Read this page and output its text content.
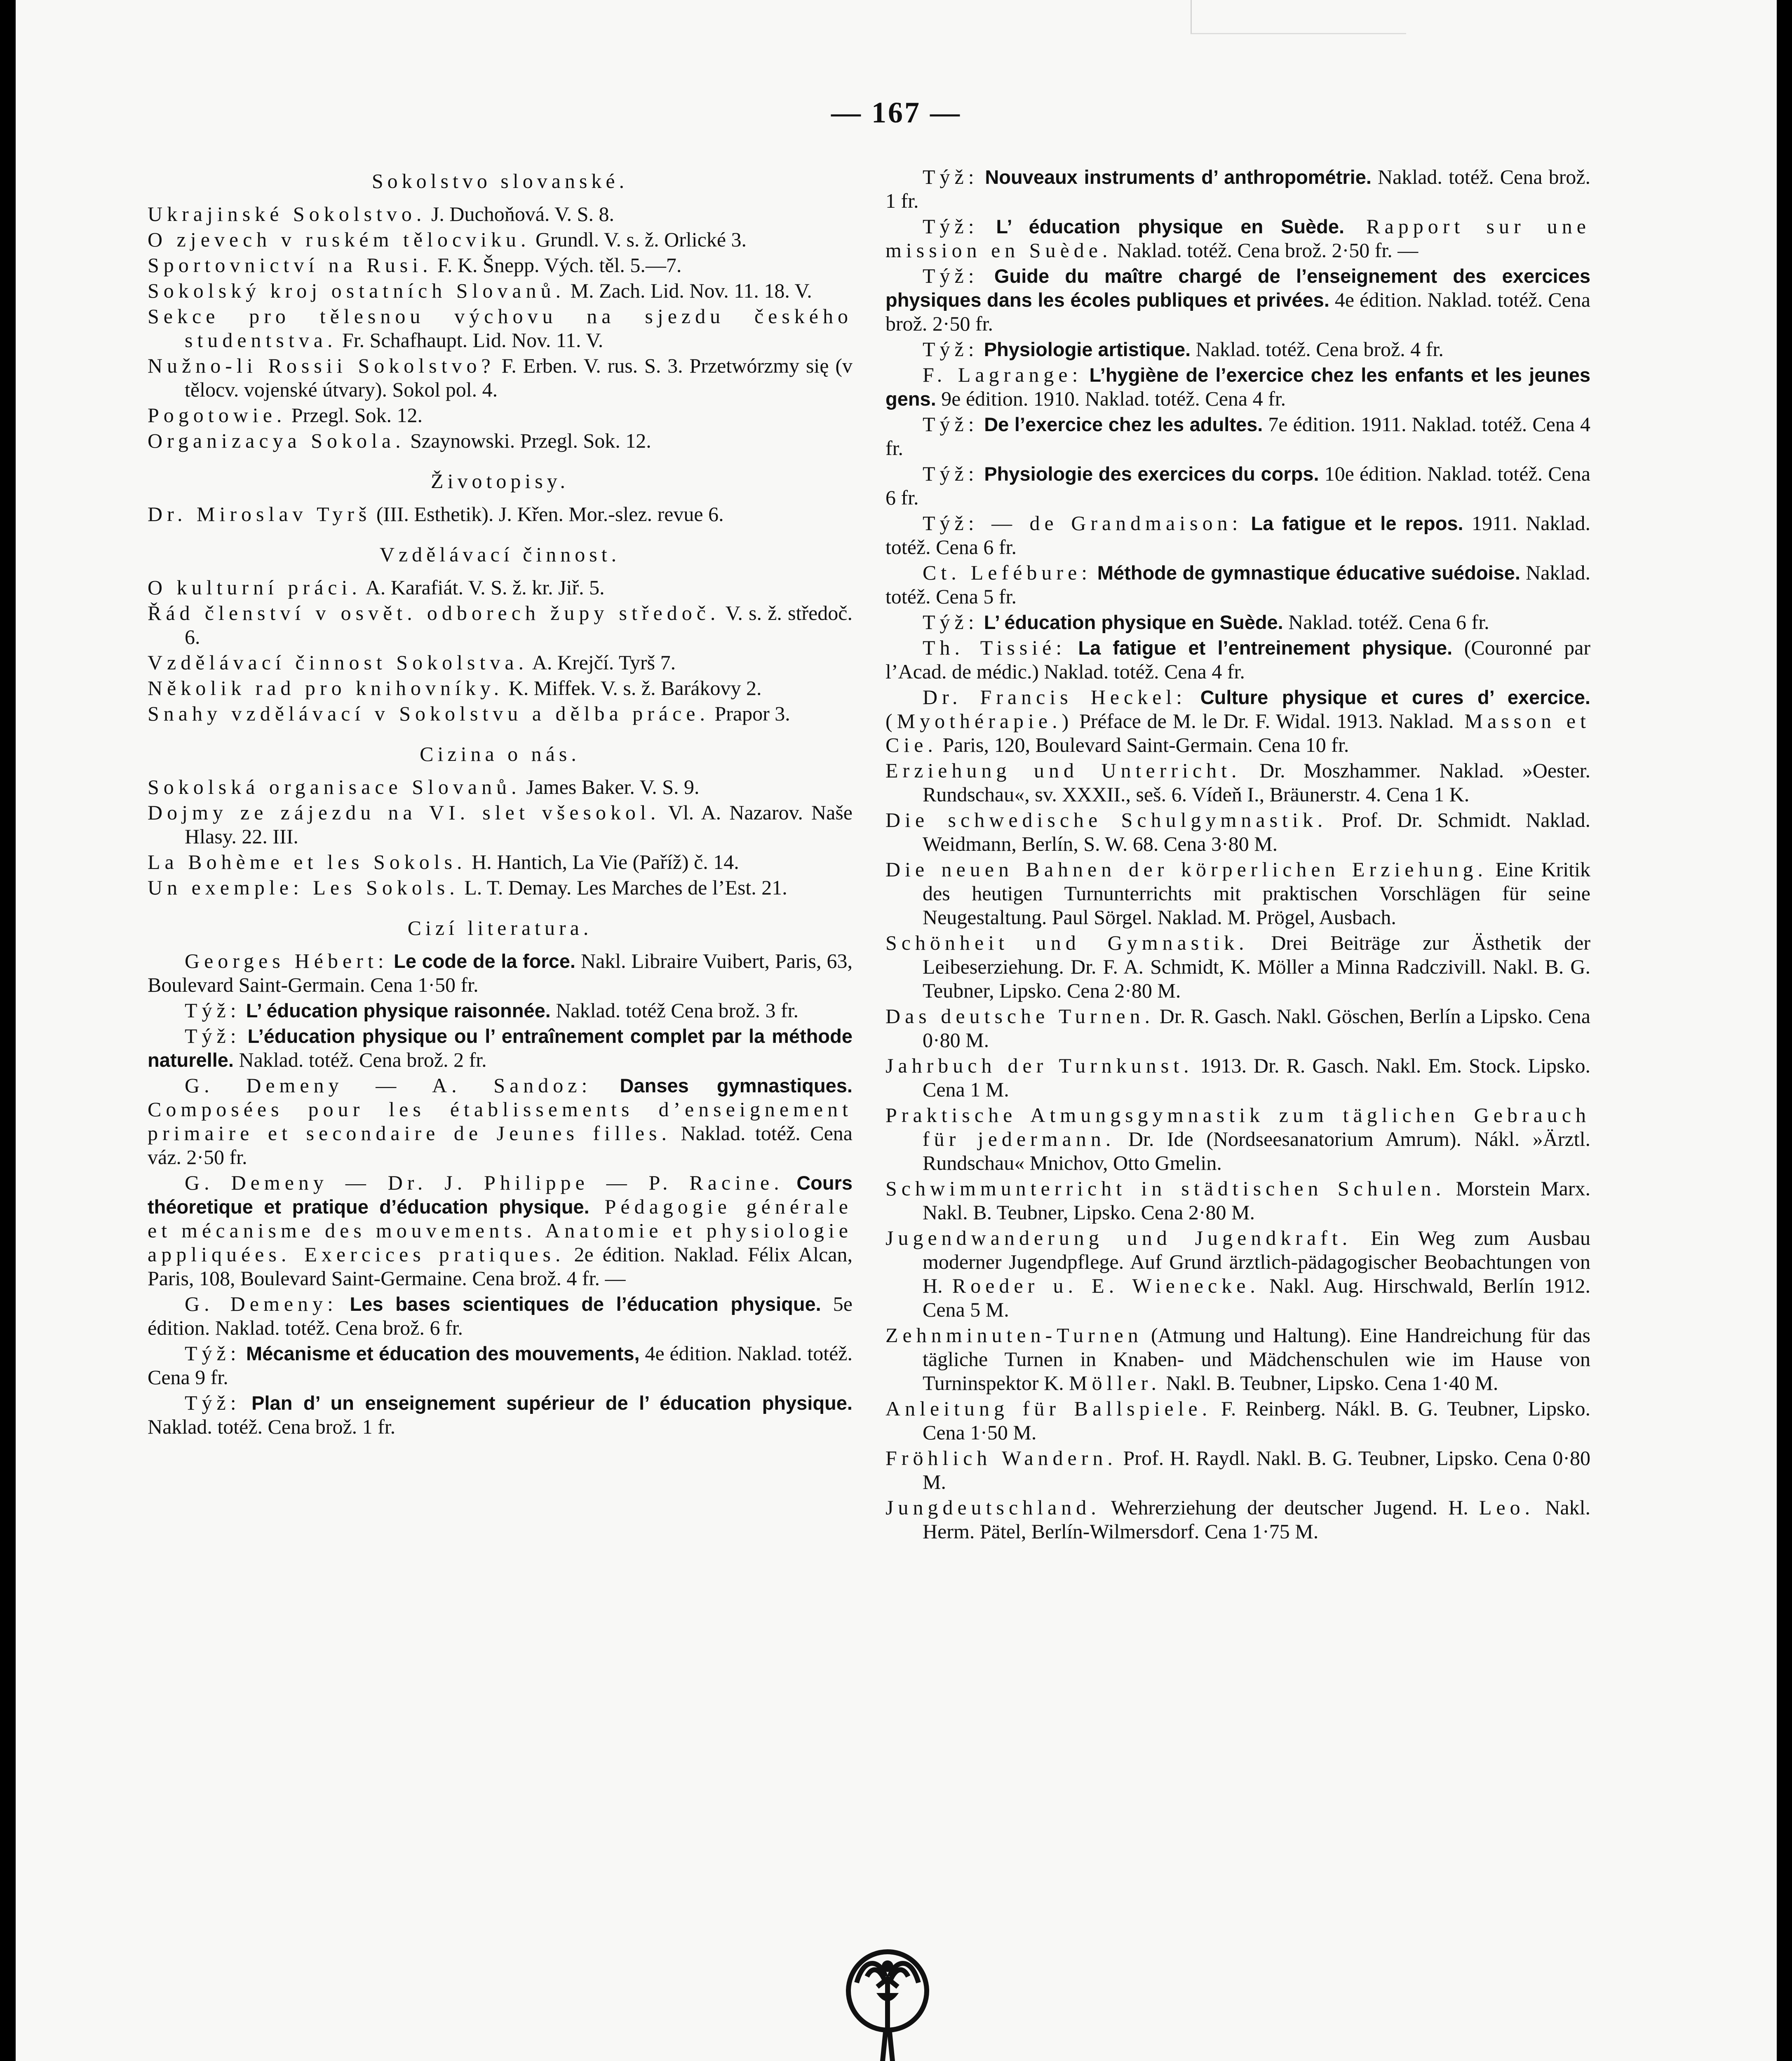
— 167 —
Sokolstvo slovanské.
Ukrajinské Sokolstvo. J. Duchoňová. V. S. 8.
O zjevech v ruském tělocviku. Grundl. V. s. ž. Orlické 3.
Sportovnictví na Rusi. F. K. Šnepp. Vých. těl. 5.—7.
Sokolský kroj ostatních Slovanů. M. Zach. Lid. Nov. 11. 18. V.
Sekce pro tělesnou výchovu na sjezdu českého studentstva. Fr. Schafhaupt. Lid. Nov. 11. V.
Nužno-li Rossii Sokolstvo? F. Erben. V. rus. S. 3. Przetwórzmy się (v tělocv. vojenské útvary). Sokol pol. 4.
Pogotowie. Przegl. Sok. 12.
Organizacya Sokola. Szaynowski. Przegl. Sok. 12.
Životopisy.
Dr. Miroslav Tyrš (III. Esthetik). J. Křen. Mor.-slez. revue 6.
Vzdělávací činnost.
O kulturní práci. A. Karafiát. V. S. ž. kr. Jiř. 5.
Řád členství v osvět. odborech župy středoč. V. s. ž. středoč. 6.
Vzdělávací činnost Sokolstva. A. Krejčí. Tyrš 7.
Několik rad pro knihovníky. K. Miffek. V. s. ž. Barákovy 2.
Snahy vzdělávací v Sokolstvu a dělba práce. Prapor 3.
Cizina o nás.
Sokolská organisace Slovanů. James Baker. V. S. 9.
Dojmy ze zájezdu na VI. slet všesokol. Vl. A. Nazarov. Naše Hlasy. 22. III.
La Bohème et les Sokols. H. Hantich, La Vie (Paříž) č. 14.
Un exemple: Les Sokols. L. T. Demay. Les Marches de l’Est. 21.
Cizí literatura.
Georges Hébert: Le code de la force. Nakl. Libraire Vuibert, Paris, 63, Boulevard Saint-Germain. Cena 1·50 fr.
Týž: L’ éducation physique raisonnée. Naklad. totéž Cena brož. 3 fr.
Týž: L’éducation physique ou l’ entraînement complet par la méthode naturelle. Naklad. totéž. Cena brož. 2 fr.
G. Demeny — A. Sandoz: Danses gymnastiques. Composées pour les établissements d’enseignement primaire et secondaire de Jeunes filles. Naklad. totéž. Cena váz. 2·50 fr.
G. Demeny — Dr. J. Philippe — P. Racine. Cours théoretique et pratique d’éducation physique. Pédagogie générale et mécanisme des mouvements. Anatomie et physiologie appliquées. Exercices pratiques. 2e édition. Naklad. Félix Alcan, Paris, 108, Boulevard Saint-Germaine. Cena brož. 4 fr. —
G. Demeny: Les bases scientiques de l’éducation physique. 5e édition. Naklad. totéž. Cena brož. 6 fr.
Týž: Mécanisme et éducation des mouvements, 4e édition. Naklad. totéž. Cena 9 fr.
Týž: Plan d’ un enseignement supérieur de l’ éducation physique. Naklad. totéž. Cena brož. 1 fr.
Týž: Nouveaux instruments d’ anthropométrie. Naklad. totéž. Cena brož. 1 fr.
Týž: L’ éducation physique en Suède. Rapport sur une mission en Suède. Naklad. totéž. Cena brož. 2·50 fr. —
Týž: Guide du maître chargé de l’enseignement des exercices physiques dans les écoles publiques et privées. 4e édition. Naklad. totéž. Cena brož. 2·50 fr.
Týž: Physiologie artistique. Naklad. totéž. Cena brož. 4 fr.
F. Lagrange: L’hygiène de l’exercice chez les enfants et les jeunes gens. 9e édition. 1910. Naklad. totéž. Cena 4 fr.
Týž: De l’exercice chez les adultes. 7e édition. 1911. Naklad. totéž. Cena 4 fr.
Týž: Physiologie des exercices du corps. 10e édition. Naklad. totéž. Cena 6 fr.
Týž: — de Grandmaison: La fatigue et le repos. 1911. Naklad. totéž. Cena 6 fr.
Ct. Lefébure: Méthode de gymnastique éducative suédoise. Naklad. totéž. Cena 5 fr.
Týž: L’ éducation physique en Suède. Naklad. totéž. Cena 6 fr.
Th. Tissié: La fatigue et l’entreinement physique. (Couronné par l’Acad. de médic.) Naklad. totéž. Cena 4 fr.
Dr. Francis Heckel: Culture physique et cures d’ exercice. (Myothérapie.) Préface de M. le Dr. F. Widal. 1913. Naklad. Masson et Cie. Paris, 120, Boulevard Saint-Germain. Cena 10 fr.
Erziehung und Unterricht. Dr. Moszhammer. Naklad. »Oester. Rundschau«, sv. XXXII., seš. 6. Vídeň I., Bräunerstr. 4. Cena 1 K.
Die schwedische Schulgymnastik. Prof. Dr. Schmidt. Naklad. Weidmann, Berlín, S. W. 68. Cena 3·80 M.
Die neuen Bahnen der körperlichen Erziehung. Eine Kritik des heutigen Turnunterrichts mit praktischen Vorschlägen für seine Neugestaltung. Paul Sörgel. Naklad. M. Prögel, Ausbach.
Schönheit und Gymnastik. Drei Beiträge zur Ästhetik der Leibeserziehung. Dr. F. A. Schmidt, K. Möller a Minna Radczivill. Nakl. B. G. Teubner, Lipsko. Cena 2·80 M.
Das deutsche Turnen. Dr. R. Gasch. Nakl. Göschen, Berlín a Lipsko. Cena 0·80 M.
Jahrbuch der Turnkunst. 1913. Dr. R. Gasch. Nakl. Em. Stock. Lipsko. Cena 1 M.
Praktische Atmungsgymnastik zum täglichen Gebrauch für jedermann. Dr. Ide (Nordseesanatorium Amrum). Nákl. »Ärztl. Rundschau« Mnichov, Otto Gmelin.
Schwimmunterricht in städtischen Schulen. Morstein Marx. Nakl. B. Teubner, Lipsko. Cena 2·80 M.
Jugendwanderung und Jugendkraft. Ein Weg zum Ausbau moderner Jugendpflege. Auf Grund ärztlich-pädagogischer Beobachtungen von H. Roeder u. E. Wienecke. Nakl. Aug. Hirschwald, Berlín 1912. Cena 5 M.
Zehnminuten-Turnen (Atmung und Haltung). Eine Handreichung für das tägliche Turnen in Knaben- und Mädchenschulen wie im Hause von Turninspektor K. Möller. Nakl. B. Teubner, Lipsko. Cena 1·40 M.
Anleitung für Ballspiele. F. Reinberg. Nákl. B. G. Teubner, Lipsko. Cena 1·50 M.
Fröhlich Wandern. Prof. H. Raydl. Nakl. B. G. Teubner, Lipsko. Cena 0·80 M.
Jungdeutschland. Wehrerziehung der deutscher Jugend. H. Leo. Nakl. Herm. Pätel, Berlín-Wilmersdorf. Cena 1·75 M.
